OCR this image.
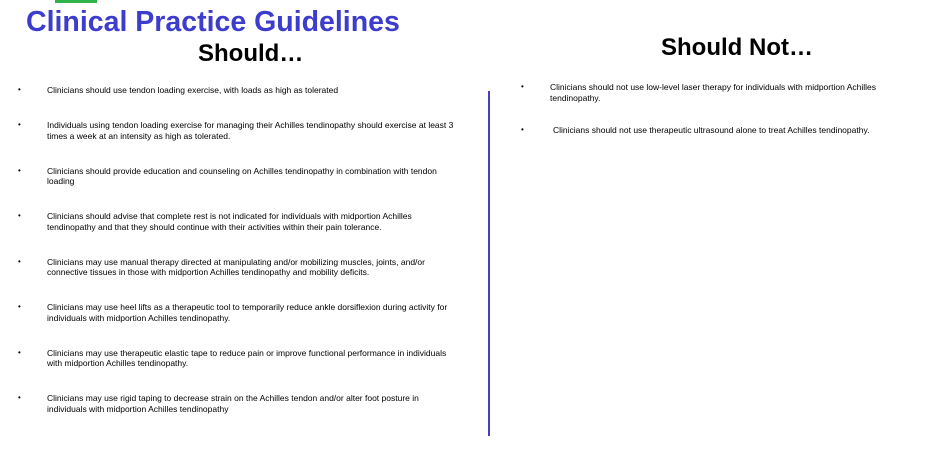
Clinical Practice Guidelines
Should…	Should Not…
•	Clinicians should use tendon loading exercise, with loads as high as tolerated
•	Individuals using tendon loading exercise for managing their Achilles tendinopathy should exercise at least 3 times a week at an intensity as high as tolerated.
•	Clinicians should provide education and counseling on Achilles tendinopathy in combination with tendon loading
•	Clinicians should advise that complete rest is not indicated for individuals with midportion Achilles tendinopathy and that they should continue with their activities within their pain tolerance.
•	Clinicians may use manual therapy directed at manipulating and/or mobilizing muscles, joints, and/or connective tissues in those with midportion Achilles tendinopathy and mobility deficits.
•	Clinicians may use heel lifts as a therapeutic tool to temporarily reduce ankle dorsiflexion during activity for individuals with midportion Achilles tendinopathy.
•	Clinicians may use therapeutic elastic tape to reduce pain or improve functional performance in individuals with midportion Achilles tendinopathy.
•	Clinicians may use rigid taping to decrease strain on the Achilles tendon and/or alter foot posture in individuals with midportion Achilles tendinopathy
•	Clinicians should not use low-level laser therapy for individuals with midportion Achilles tendinopathy.
•	Clinicians should not use therapeutic ultrasound alone to treat Achilles tendinopathy.
